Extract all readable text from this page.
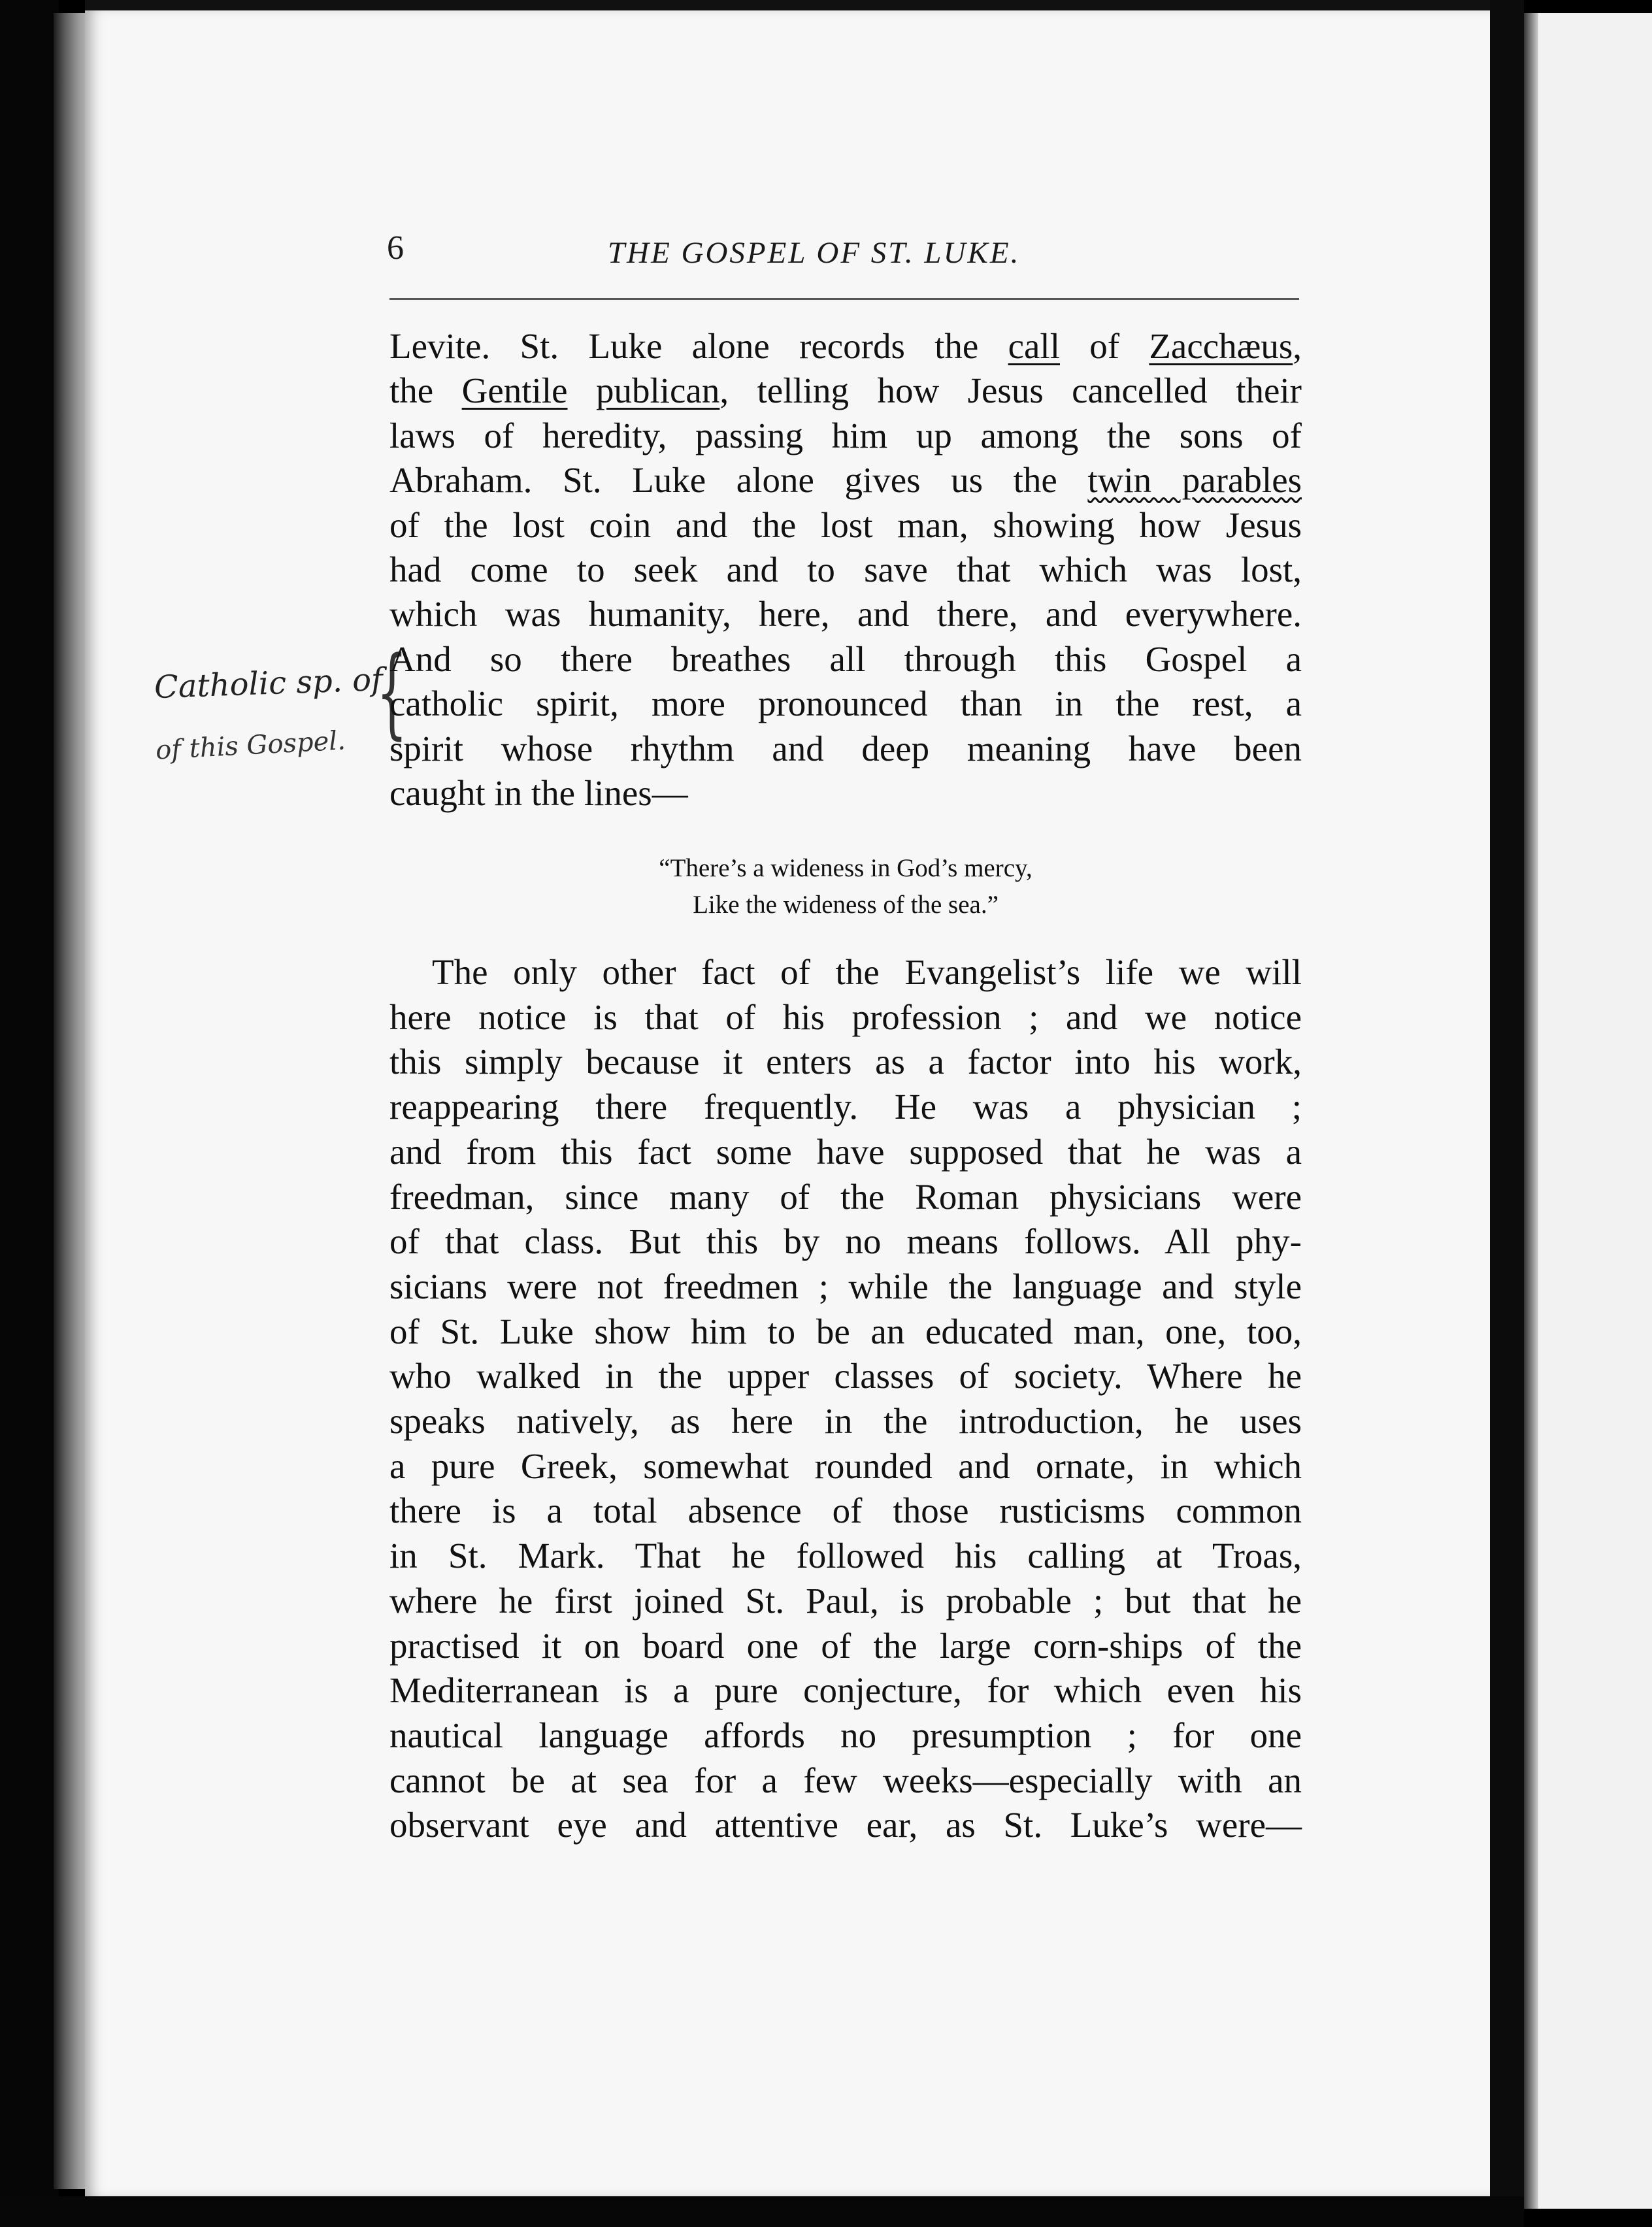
6	THE GOSPEL OF ST. LUKE.
Catholic sp. of
of this Gospel. {
Levite. St. Luke alone records the call of Zacchæus,
the Gentile publican, telling how Jesus cancelled their
laws of heredity, passing him up among the sons of
Abraham. St. Luke alone gives us the twin parables
of the lost coin and the lost man, showing how Jesus
had come to seek and to save that which was lost,
which was humanity, here, and there, and everywhere.
And so there breathes all through this Gospel a
catholic spirit, more pronounced than in the rest, a
spirit whose rhythm and deep meaning have been
caught in the lines—
“There’s a wideness in God’s mercy,
Like the wideness of the sea.”
The only other fact of the Evangelist’s life we will
here notice is that of his profession ; and we notice
this simply because it enters as a factor into his work,
reappearing there frequently. He was a physician ;
and from this fact some have supposed that he was a
freedman, since many of the Roman physicians were
of that class. But this by no means follows. All phy-
sicians were not freedmen ; while the language and style
of St. Luke show him to be an educated man, one, too,
who walked in the upper classes of society. Where he
speaks natively, as here in the introduction, he uses
a pure Greek, somewhat rounded and ornate, in which
there is a total absence of those rusticisms common
in St. Mark. That he followed his calling at Troas,
where he first joined St. Paul, is probable ; but that he
practised it on board one of the large corn-ships of the
Mediterranean is a pure conjecture, for which even his
nautical language affords no presumption ; for one
cannot be at sea for a few weeks—especially with an
observant eye and attentive ear, as St. Luke’s were—
